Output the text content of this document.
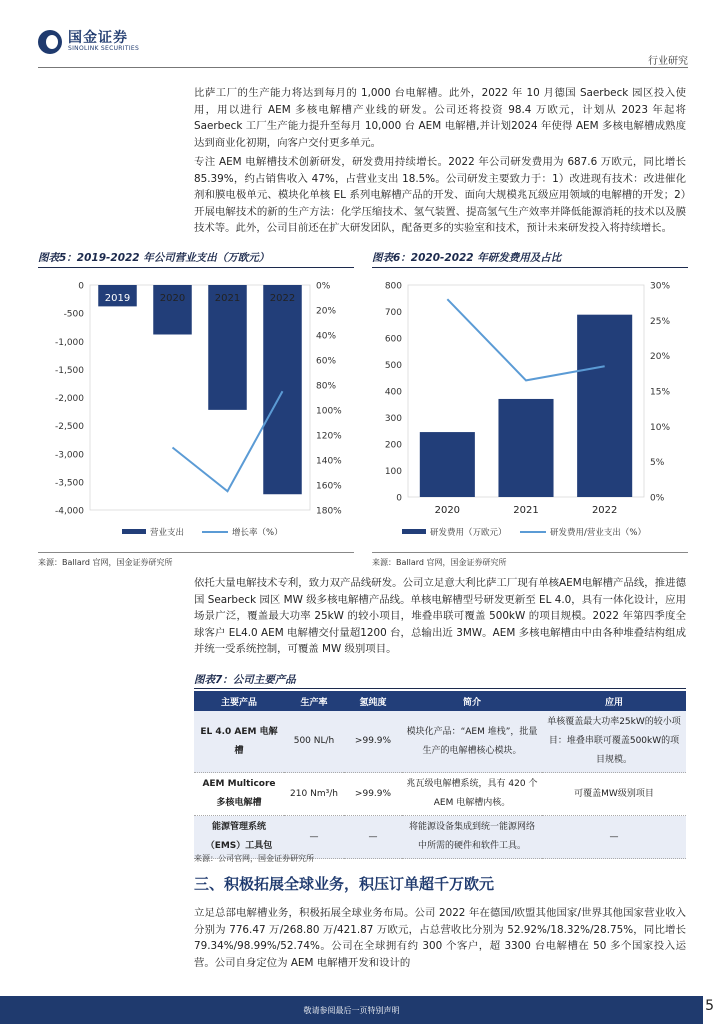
国金证券
SINOLINK SECURITIES
行业研究
比萨工厂的生产能力将达到每月的 1,000 台电解槽。此外，2022 年 10 月德国 Saerbeck 园区投入使用，用以进行 AEM 多核电解槽产业线的研发。公司还将投资 98.4 万欧元，计划从 2023 年起将Saerbeck 工厂生产能力提升至每月 10,000 台 AEM 电解槽,并计划2024 年使得 AEM 多核电解槽成熟度达到商业化初期，向客户交付更多单元。
专注 AEM 电解槽技术创新研发，研发费用持续增长。2022 年公司研发费用为 687.6 万欧元，同比增长 85.39%，约占销售收入 47%，占营业支出 18.5%。公司研发主要致力于：1）改进现有技术：改进催化剂和膜电极单元、模块化单核 EL 系列电解槽产品的开发、面向大规模兆瓦级应用领域的电解槽的开发；2）开展电解技术的新的生产方法：化学压缩技术、氢气装置、提高氢气生产效率并降低能源消耗的技术以及膜技术等。此外，公司目前还在扩大研发团队，配备更多的实验室和技术，预计未来研发投入将持续增长。
图表5：2019-2022 年公司营业支出（万欧元）
0
-500
-1,000
-1,500
-2,000
-2,500
-3,000
-3,500
-4,000
0%
20%
40%
60%
80%
100%
120%
140%
160%
180%
2019	2020	2021	2022
营业支出	增长率（%）
来源：Ballard 官网，国金证券研究所
图表6：2020-2022 年研发费用及占比
800
700
600
500
400
300
200
100
0
30%
25%
20%
15%
10%
5%
0%
2020	2021	2022
研发费用（万欧元）	研发费用/营业支出（%）
来源：Ballard 官网，国金证券研究所
依托大量电解技术专利，致力双产品线研发。公司立足意大利比萨工厂现有单核AEM电解槽产品线，推进德国 Searbeck 园区 MW 级多核电解槽产品线。单核电解槽型号研发更新至 EL 4.0，具有一体化设计，应用场景广泛，覆盖最大功率 25kW 的较小项目，堆叠串联可覆盖 500kW 的项目规模。2022 年第四季度全球客户 EL4.0 AEM 电解槽交付量超1200 台，总输出近 3MW。AEM 多核电解槽由中由各种堆叠结构组成并统一受系统控制，可覆盖 MW 级别项目。
图表7：公司主要产品
主要产品	生产率	氢纯度	简介	应用
EL 4.0 AEM 电解槽	500 NL/h	>99.9%	模块化产品：“AEM 堆栈”，批量生产的电解槽核心模块。	单核覆盖最大功率25kW的较小项目：堆叠串联可覆盖500kW的项目规模。
AEM Multicore 多核电解槽	210 Nm³/h	>99.9%	兆瓦级电解槽系统，具有 420 个 AEM 电解槽内核。	可覆盖MW级别项目
能源管理系统（EMS）工具包	—	—	将能源设备集成到统一能源网络中所需的硬件和软件工具。	—
来源：公司官网，国金证券研究所
三、积极拓展全球业务，积压订单超千万欧元
立足总部电解槽业务，积极拓展全球业务布局。公司 2022 年在德国/欧盟其他国家/世界其他国家营业收入分别为 776.47 万/268.80 万/421.87 万欧元，占总营收比分别为 52.92%/18.32%/28.75%，同比增长 79.34%/98.99%/52.74%。公司在全球拥有约 300 个客户，超 3300 台电解槽在 50 多个国家投入运营。公司自身定位为 AEM 电解槽开发和设计的
敬请参阅最后一页特别声明	5
